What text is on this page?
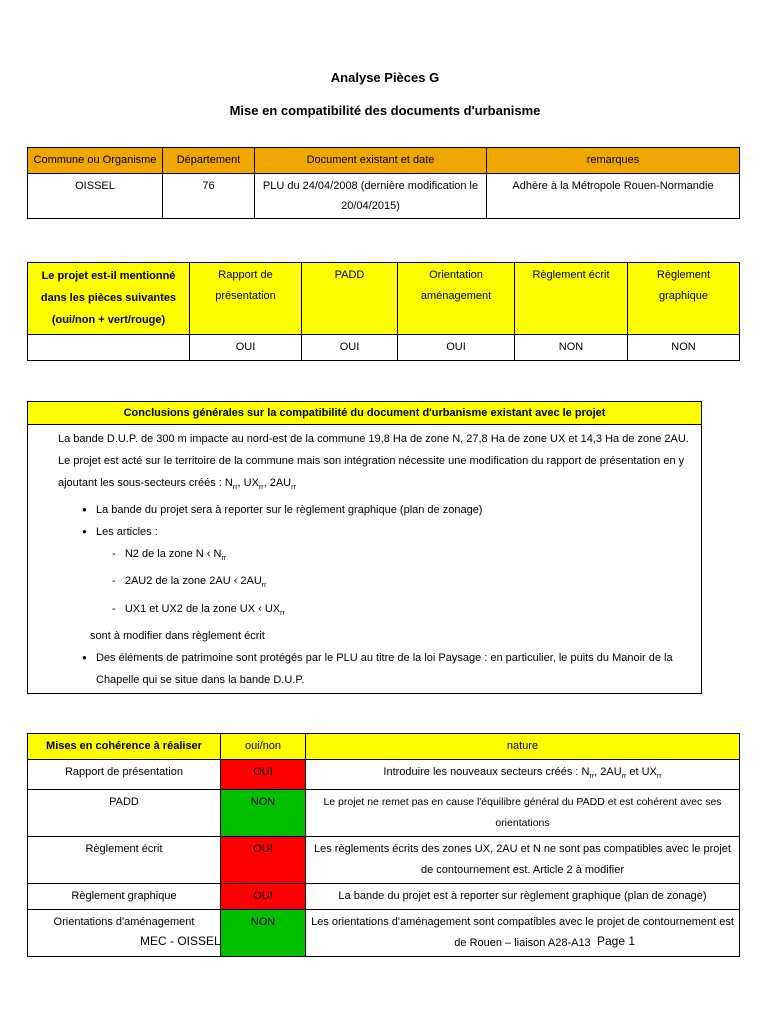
Analyse Pièces G
Mise en compatibilité des documents d'urbanisme
Commune ou Organisme	Département	Document existant et date	remarques
OISSEL	76	PLU du 24/04/2008 (dernière modification le 20/04/2015)	Adhère à la Métropole Rouen-Normandie
Le projet est-il mentionné dans les pièces suivantes (oui/non + vert/rouge)	Rapport de présentation	PADD	Orientation aménagement	Règlement écrit	Règlement graphique
	OUI	OUI	OUI	NON	NON
Conclusions générales sur la compatibilité du document d'urbanisme existant avec le projet
La bande D.U.P. de 300 m impacte au nord-est de la commune 19,8 Ha de zone N, 27,8 Ha de zone UX et 14,3 Ha de zone 2AU.
Le projet est acté sur le territoire de la commune mais son intégration nécessite une modification du rapport de présentation en y ajoutant les sous-secteurs créés : $N_{rr}$, $UX_{rr}$, $2AU_{rr}$
● La bande du projet sera à reporter sur le règlement graphique (plan de zonage)
● Les articles :
-   N2 de la zone N ‹ $N_{rr}$
-   2AU2 de la zone 2AU ‹ $2AU_{rr}$
-   UX1 et UX2 de la zone UX ‹ $UX_{rr}$
sont à modifier dans règlement écrit
● Des éléments de patrimoine sont protégés par le PLU au titre de la loi Paysage : en particulier, le puits du Manoir de la Chapelle qui se situe dans la bande D.U.P.
Mises en cohérence à réaliser	oui/non	nature
Rapport de présentation	OUI	Introduire les nouveaux secteurs créés : $N_{rr}$, $2AU_{rr}$ et $UX_{rr}$
PADD	NON	Le projet ne remet pas en cause l'équilibre général du PADD et est cohérent avec ses orientations
Règlement écrit	OUI	Les règlements écrits des zones UX, 2AU et N ne sont pas compatibles avec le projet de contournement est. Article 2 à modifier
Règlement graphique	OUI	La bande du projet est à reporter sur règlement graphique (plan de zonage)
Orientations d'aménagement	NON	Les orientations d'aménagement sont compatibles avec le projet de contournement est de Rouen – liaison A28-A13
MEC - OISSEL	Page 1
